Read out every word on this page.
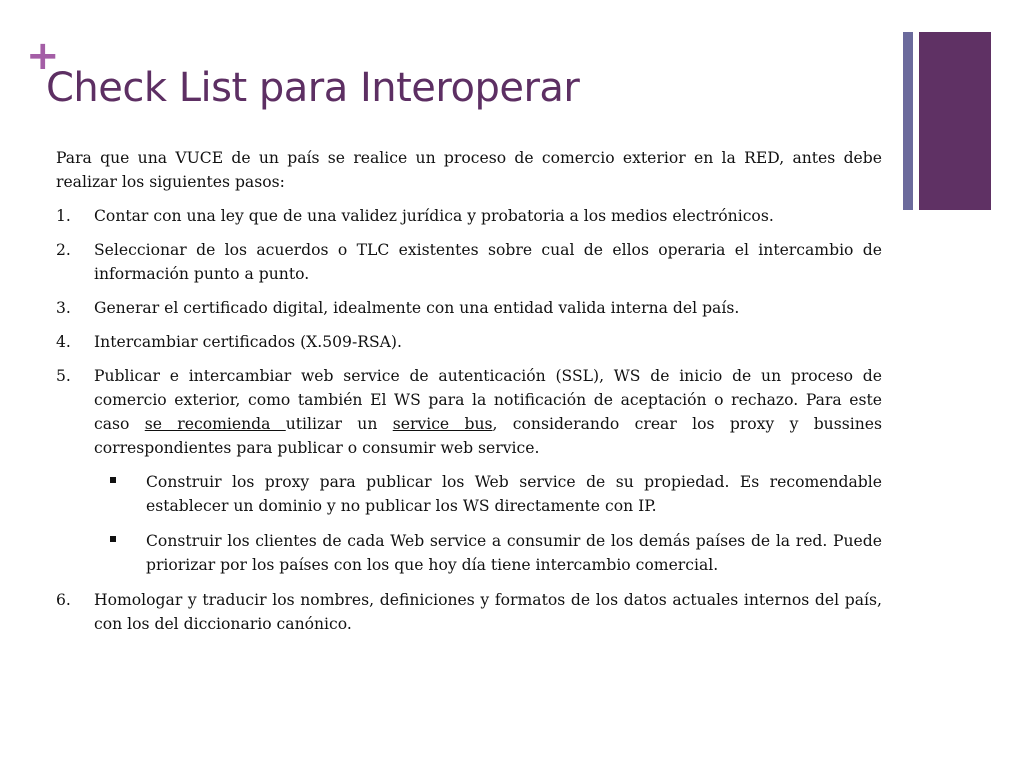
+
Check List para Interoperar

Para que una VUCE de un país se realice un proceso de comercio exterior en la RED, antes debe realizar los siguientes pasos:

1. Contar con una ley que de una validez jurídica y probatoria a los medios electrónicos.
2. Seleccionar de los acuerdos o TLC existentes sobre cual de ellos operaria el intercambio de información punto a punto.
3. Generar el certificado digital, idealmente con una entidad valida interna del país.
4. Intercambiar certificados (X.509-RSA).
5. Publicar e intercambiar web service de autenticación (SSL), WS de inicio de un proceso de comercio exterior, como también El WS para la notificación de aceptación o rechazo. Para este caso se recomienda utilizar un service bus, considerando crear los proxy y bussines correspondientes para publicar o consumir web service.
Construir los proxy para publicar los Web service de su propiedad. Es recomendable establecer un dominio y no publicar los WS directamente con IP.
Construir los clientes de cada Web service a consumir de los demás países de la red. Puede priorizar por los países con los que hoy día tiene intercambio comercial.
6. Homologar y traducir los nombres, definiciones y formatos de los datos actuales internos del país, con los del diccionario canónico.
